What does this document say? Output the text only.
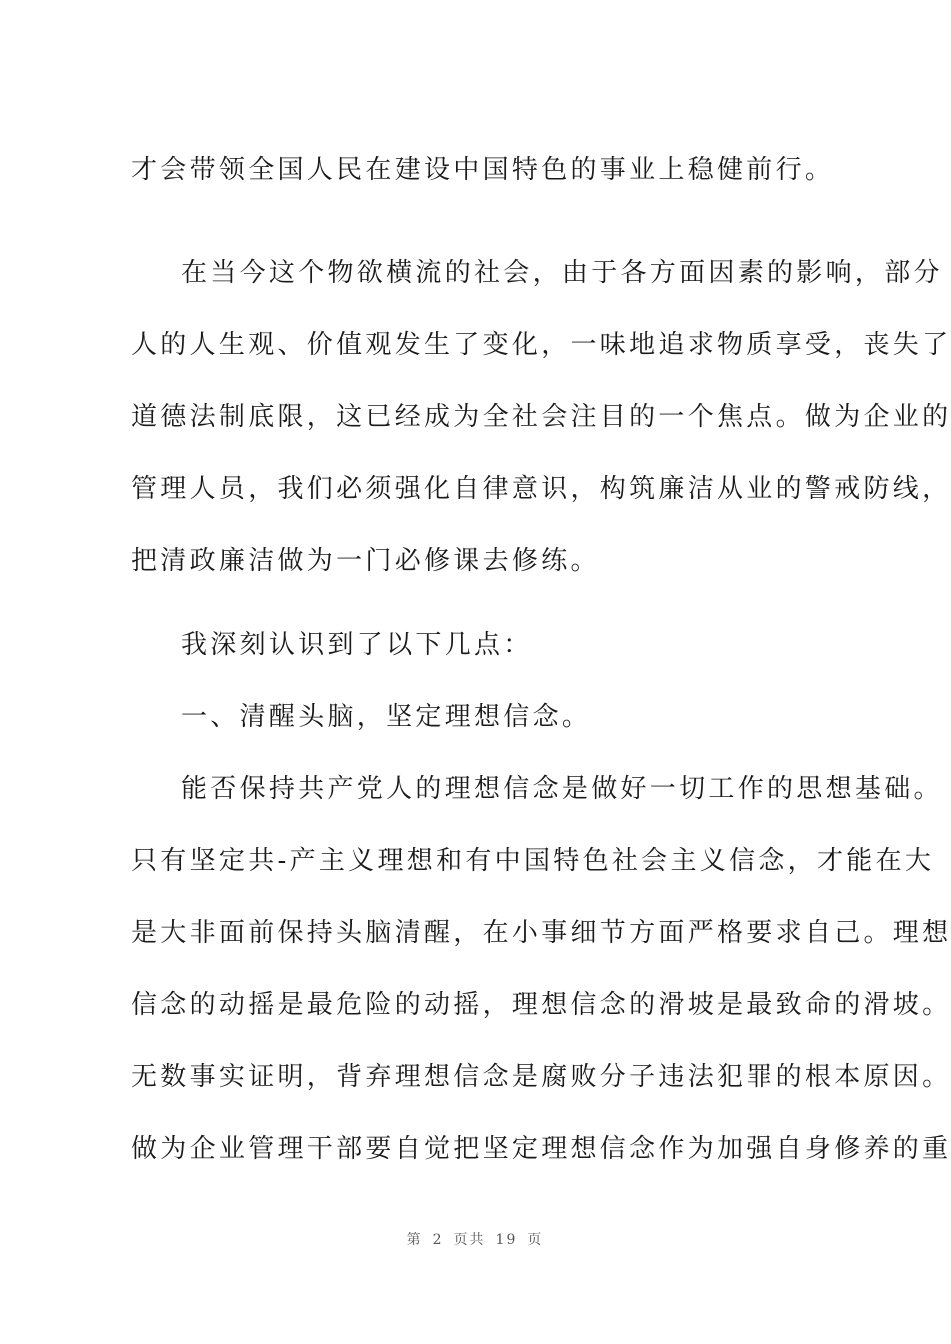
才会带领全国人民在建设中国特色的事业上稳健前行。
在当今这个物欲横流的社会，由于各方面因素的影响，部分
人的人生观、价值观发生了变化，一味地追求物质享受，丧失了
道德法制底限，这已经成为全社会注目的一个焦点。做为企业的
管理人员，我们必须强化自律意识，构筑廉洁从业的警戒防线，
把清政廉洁做为一门必修课去修练。
我深刻认识到了以下几点：
一、清醒头脑，坚定理想信念。
能否保持共产党人的理想信念是做好一切工作的思想基础。
只有坚定共-产主义理想和有中国特色社会主义信念，才能在大
是大非面前保持头脑清醒，在小事细节方面严格要求自己。理想
信念的动摇是最危险的动摇，理想信念的滑坡是最致命的滑坡。
无数事实证明，背弃理想信念是腐败分子违法犯罪的根本原因。
做为企业管理干部要自觉把坚定理想信念作为加强自身修养的重
第 2 页共 19 页
